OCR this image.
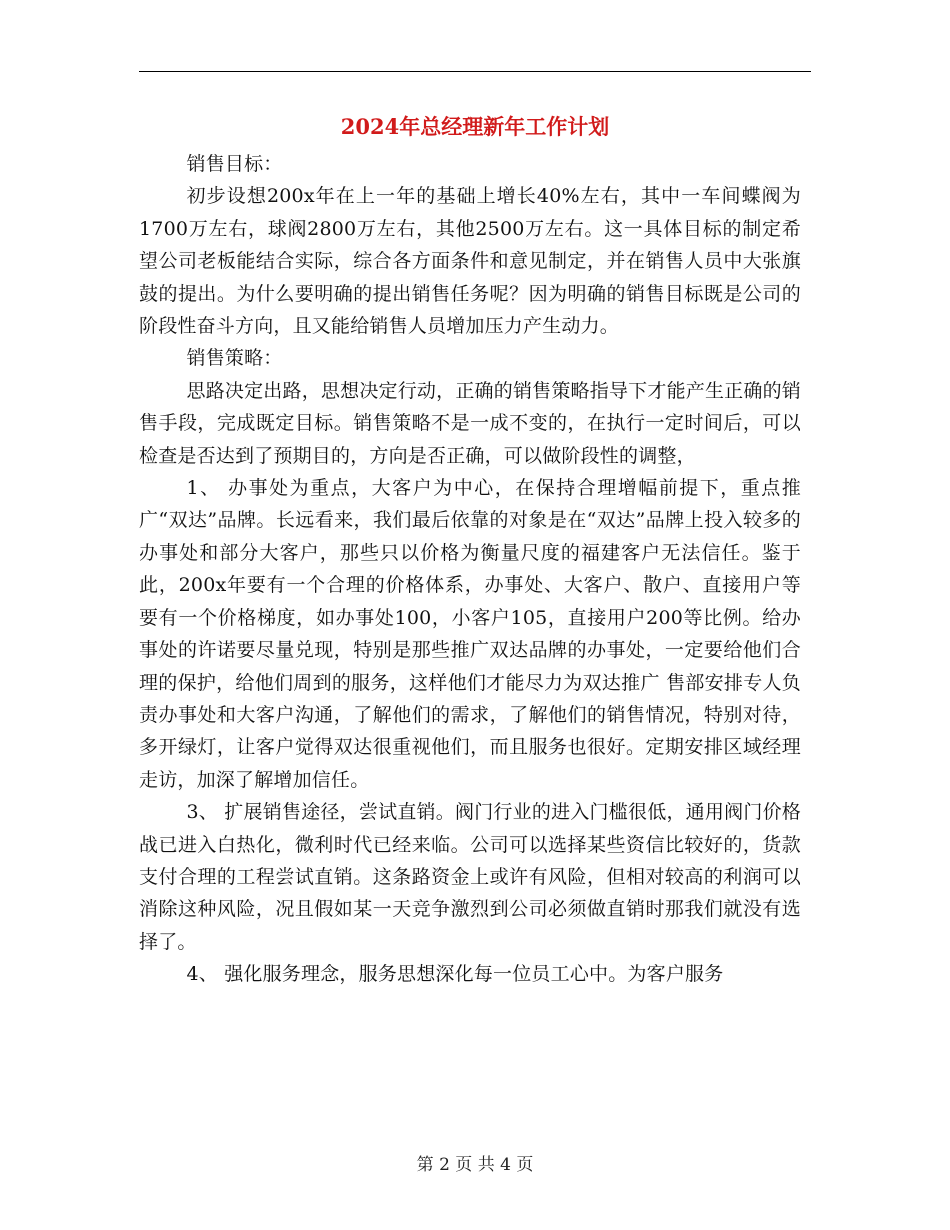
2024年总经理新年工作计划

销售目标：

初步设想200x年在上一年的基础上增长40%左右，其中一车间蝶阀为1700万左右，球阀2800万左右，其他2500万左右。这一具体目标的制定希望公司老板能结合实际，综合各方面条件和意见制定，并在销售人员中大张旗鼓的提出。为什么要明确的提出销售任务呢？因为明确的销售目标既是公司的阶段性奋斗方向，且又能给销售人员增加压力产生动力。

销售策略：

思路决定出路，思想决定行动，正确的销售策略指导下才能产生正确的销售手段，完成既定目标。销售策略不是一成不变的，在执行一定时间后，可以检查是否达到了预期目的，方向是否正确，可以做阶段性的调整，

1、 办事处为重点，大客户为中心，在保持合理增幅前提下，重点推广“双达”品牌。长远看来，我们最后依靠的对象是在“双达”品牌上投入较多的办事处和部分大客户，那些只以价格为衡量尺度的福建客户无法信任。鉴于此，200x年要有一个合理的价格体系，办事处、大客户、散户、直接用户等要有一个价格梯度，如办事处100，小客户105，直接用户200等比例。给办事处的许诺要尽量兑现，特别是那些推广双达品牌的办事处，一定要给他们合理的保护，给他们周到的服务，这样他们才能尽力为双达推广 售部安排专人负责办事处和大客户沟通，了解他们的需求，了解他们的销售情况，特别对待，多开绿灯，让客户觉得双达很重视他们，而且服务也很好。定期安排区域经理走访，加深了解增加信任。

3、 扩展销售途径，尝试直销。阀门行业的进入门槛很低，通用阀门价格战已进入白热化，微利时代已经来临。公司可以选择某些资信比较好的，货款支付合理的工程尝试直销。这条路资金上或许有风险，但相对较高的利润可以消除这种风险，况且假如某一天竞争激烈到公司必须做直销时那我们就没有选择了。

4、 强化服务理念，服务思想深化每一位员工心中。为客户服务

第 2 页 共 4 页
